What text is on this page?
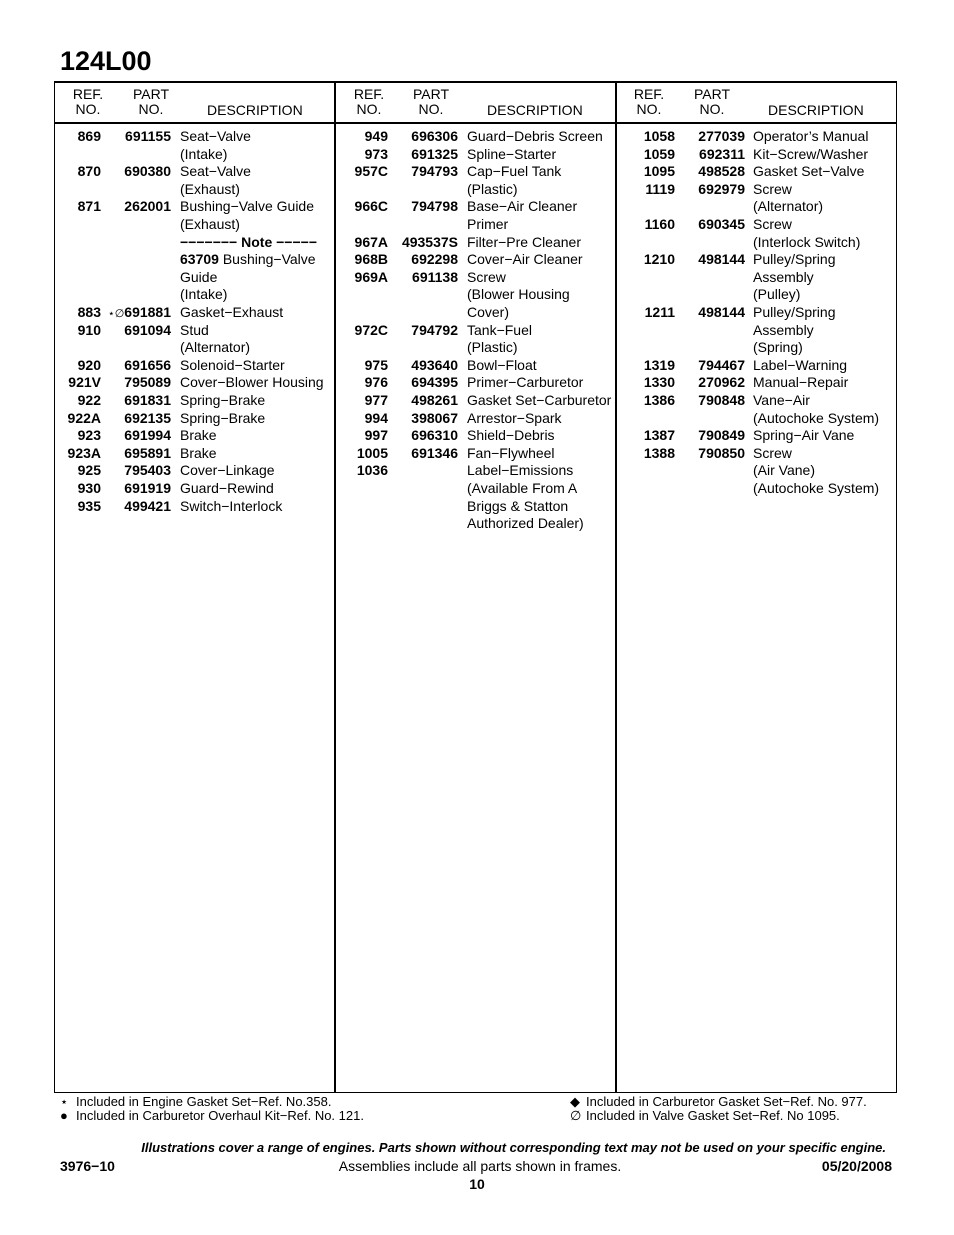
124L00
REF.
NO.
PART
NO.	DESCRIPTION
REF.
NO.
PART
NO.	DESCRIPTION
REF.
NO.
PART
NO.	DESCRIPTION
869	691155 Seat−Valve
(Intake)
870	690380 Seat−Valve
(Exhaust)
871	262001 Bushing−Valve Guide
(Exhaust)
−−−−−−− Note −−−−−
63709 Bushing−Valve
Guide
(Intake)
883 ⋆∅691881 Gasket−Exhaust
910	691094 Stud
(Alternator)
920	691656 Solenoid−Starter
921V	795089 Cover−Blower Housing
922	691831 Spring−Brake
922A	692135 Spring−Brake
923	691994 Brake
923A	695891 Brake
925	795403 Cover−Linkage
930	691919 Guard−Rewind
935	499421 Switch−Interlock
949	696306 Guard−Debris Screen
973	691325 Spline−Starter
957C	794793 Cap−Fuel Tank
(Plastic)
966C	794798 Base−Air Cleaner
Primer
967A 493537S Filter−Pre Cleaner
968B	692298 Cover−Air Cleaner
969A	691138 Screw
(Blower Housing
Cover)
972C	794792 Tank−Fuel
(Plastic)
975	493640 Bowl−Float
976	694395 Primer−Carburetor
977	498261 Gasket Set−Carburetor
994	398067 Arrestor−Spark
997	696310 Shield−Debris
1005	691346 Fan−Flywheel
1036	Label−Emissions
(Available From A
Briggs & Statton
Authorized Dealer)
1058	277039 Operator’s Manual
1059	692311 Kit−Screw/Washer
1095	498528 Gasket Set−Valve
1119	692979 Screw
(Alternator)
1160	690345 Screw
(Interlock Switch)
1210	498144 Pulley/Spring
Assembly
(Pulley)
1211	498144 Pulley/Spring
Assembly
(Spring)
1319	794467 Label−Warning
1330	270962 Manual−Repair
1386	790848 Vane−Air
(Autochoke System)
1387	790849 Spring−Air Vane
1388	790850 Screw
(Air Vane)
(Autochoke System)
⋆ Included in Engine Gasket Set−Ref. No.358.
● Included in Carburetor Overhaul Kit−Ref. No. 121.
◆ Included in Carburetor Gasket Set−Ref. No. 977.
∅ Included in Valve Gasket Set−Ref. No 1095.
Illustrations cover a range of engines. Parts shown without corresponding text may not be used on your specific engine.
3976−10	Assemblies include all parts shown in frames.	05/20/2008
10
